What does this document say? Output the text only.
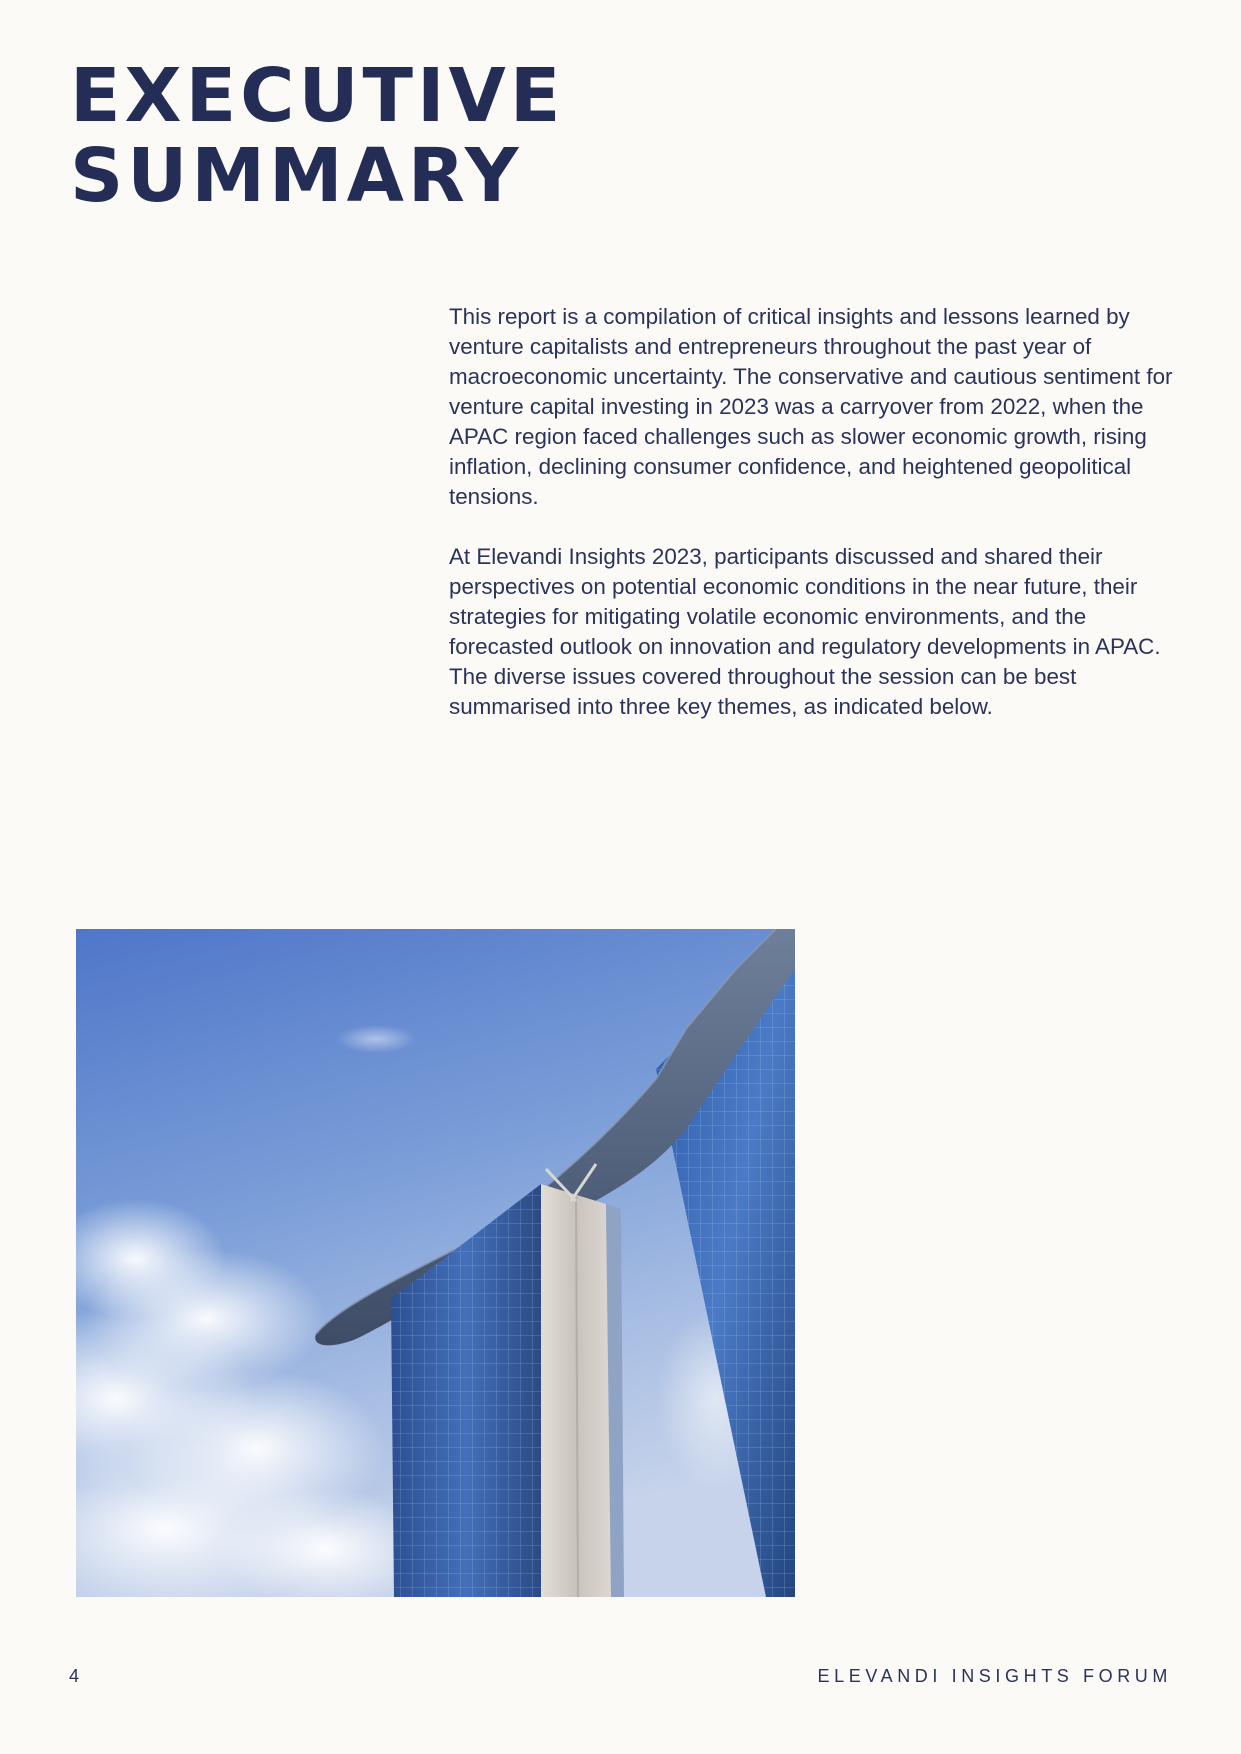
EXECUTIVE
SUMMARY

This report is a compilation of critical insights and lessons learned by venture capitalists and entrepreneurs throughout the past year of macroeconomic uncertainty. The conservative and cautious sentiment for venture capital investing in 2023 was a carryover from 2022, when the APAC region faced challenges such as slower economic growth, rising inflation, declining consumer confidence, and heightened geopolitical tensions.

At Elevandi Insights 2023, participants discussed and shared their perspectives on potential economic conditions in the near future, their strategies for mitigating volatile economic environments, and the forecasted outlook on innovation and regulatory developments in APAC. The diverse issues covered throughout the session can be best summarised into three key themes, as indicated below.

4	ELEVANDI INSIGHTS FORUM
